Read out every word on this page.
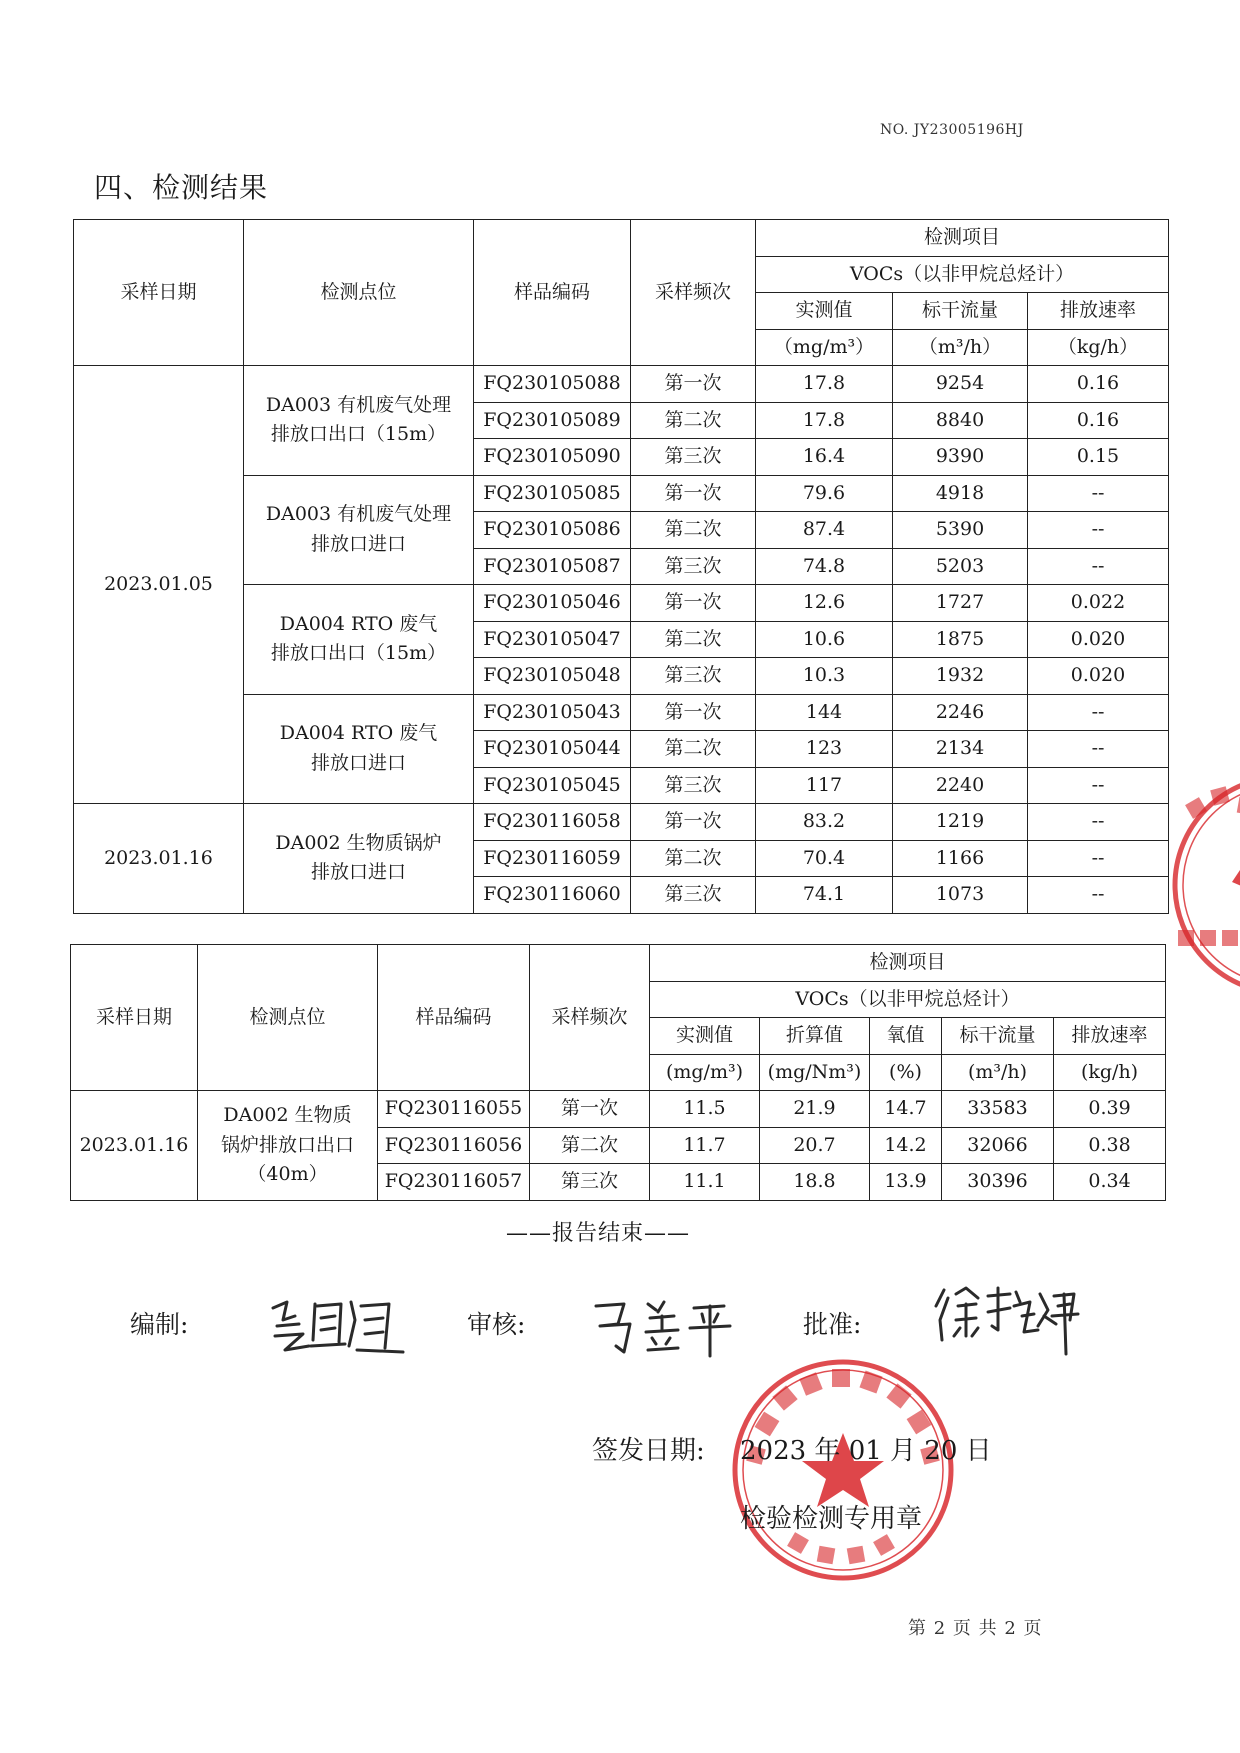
NO. JY23005196HJ
四、检测结果
采样日期	检测点位	样品编码	采样频次	检测项目		
				VOCs（以非甲烷总烃计）		
				实测值	标干流量	排放速率
				（mg/m³）	（m³/h）	（kg/h）
2023.01.05	DA003 有机废气处理
排放口出口（15m）	FQ230105088	第一次	17.8	9254	0.16
		FQ230105089	第二次	17.8	8840	0.16
		FQ230105090	第三次	16.4	9390	0.15

	DA003 有机废气处理
排放口进口	FQ230105085	第一次	79.6	4918	--
		FQ230105086	第二次	87.4	5390	--
		FQ230105087	第三次	74.8	5203	--

	DA004 RTO 废气
排放口出口（15m）	FQ230105046	第一次	12.6	1727	0.022
		FQ230105047	第二次	10.6	1875	0.020
		FQ230105048	第三次	10.3	1932	0.020

	DA004 RTO 废气
排放口进口	FQ230105043	第一次	144	2246	--
		FQ230105044	第二次	123	2134	--
		FQ230105045	第三次	117	2240	--
2023.01.16	DA002 生物质锅炉
排放口进口	FQ230116058	第一次	83.2	1219	--
		FQ230116059	第二次	70.4	1166	--
		FQ230116060	第三次	74.1	1073	--
采样日期	检测点位	样品编码	采样频次	检测项目				
				VOCs（以非甲烷总烃计）				
				实测值	折算值	氧值	标干流量	排放速率
				(mg/m³)	(mg/Nm³)	(%)	(m³/h)	(kg/h)
2023.01.16	DA002 生物质
锅炉排放口出口
（40m）	FQ230116055	第一次	11.5	21.9	14.7	33583	0.39
		FQ230116056	第二次	11.7	20.7	14.2	32066	0.38
		FQ230116057	第三次	11.1	18.8	13.9	30396	0.34
——报告结束——
编制:	审核:	批准:
签发日期: 2023 年 01 月 20 日
检验检测专用章
第 2 页 共 2 页
